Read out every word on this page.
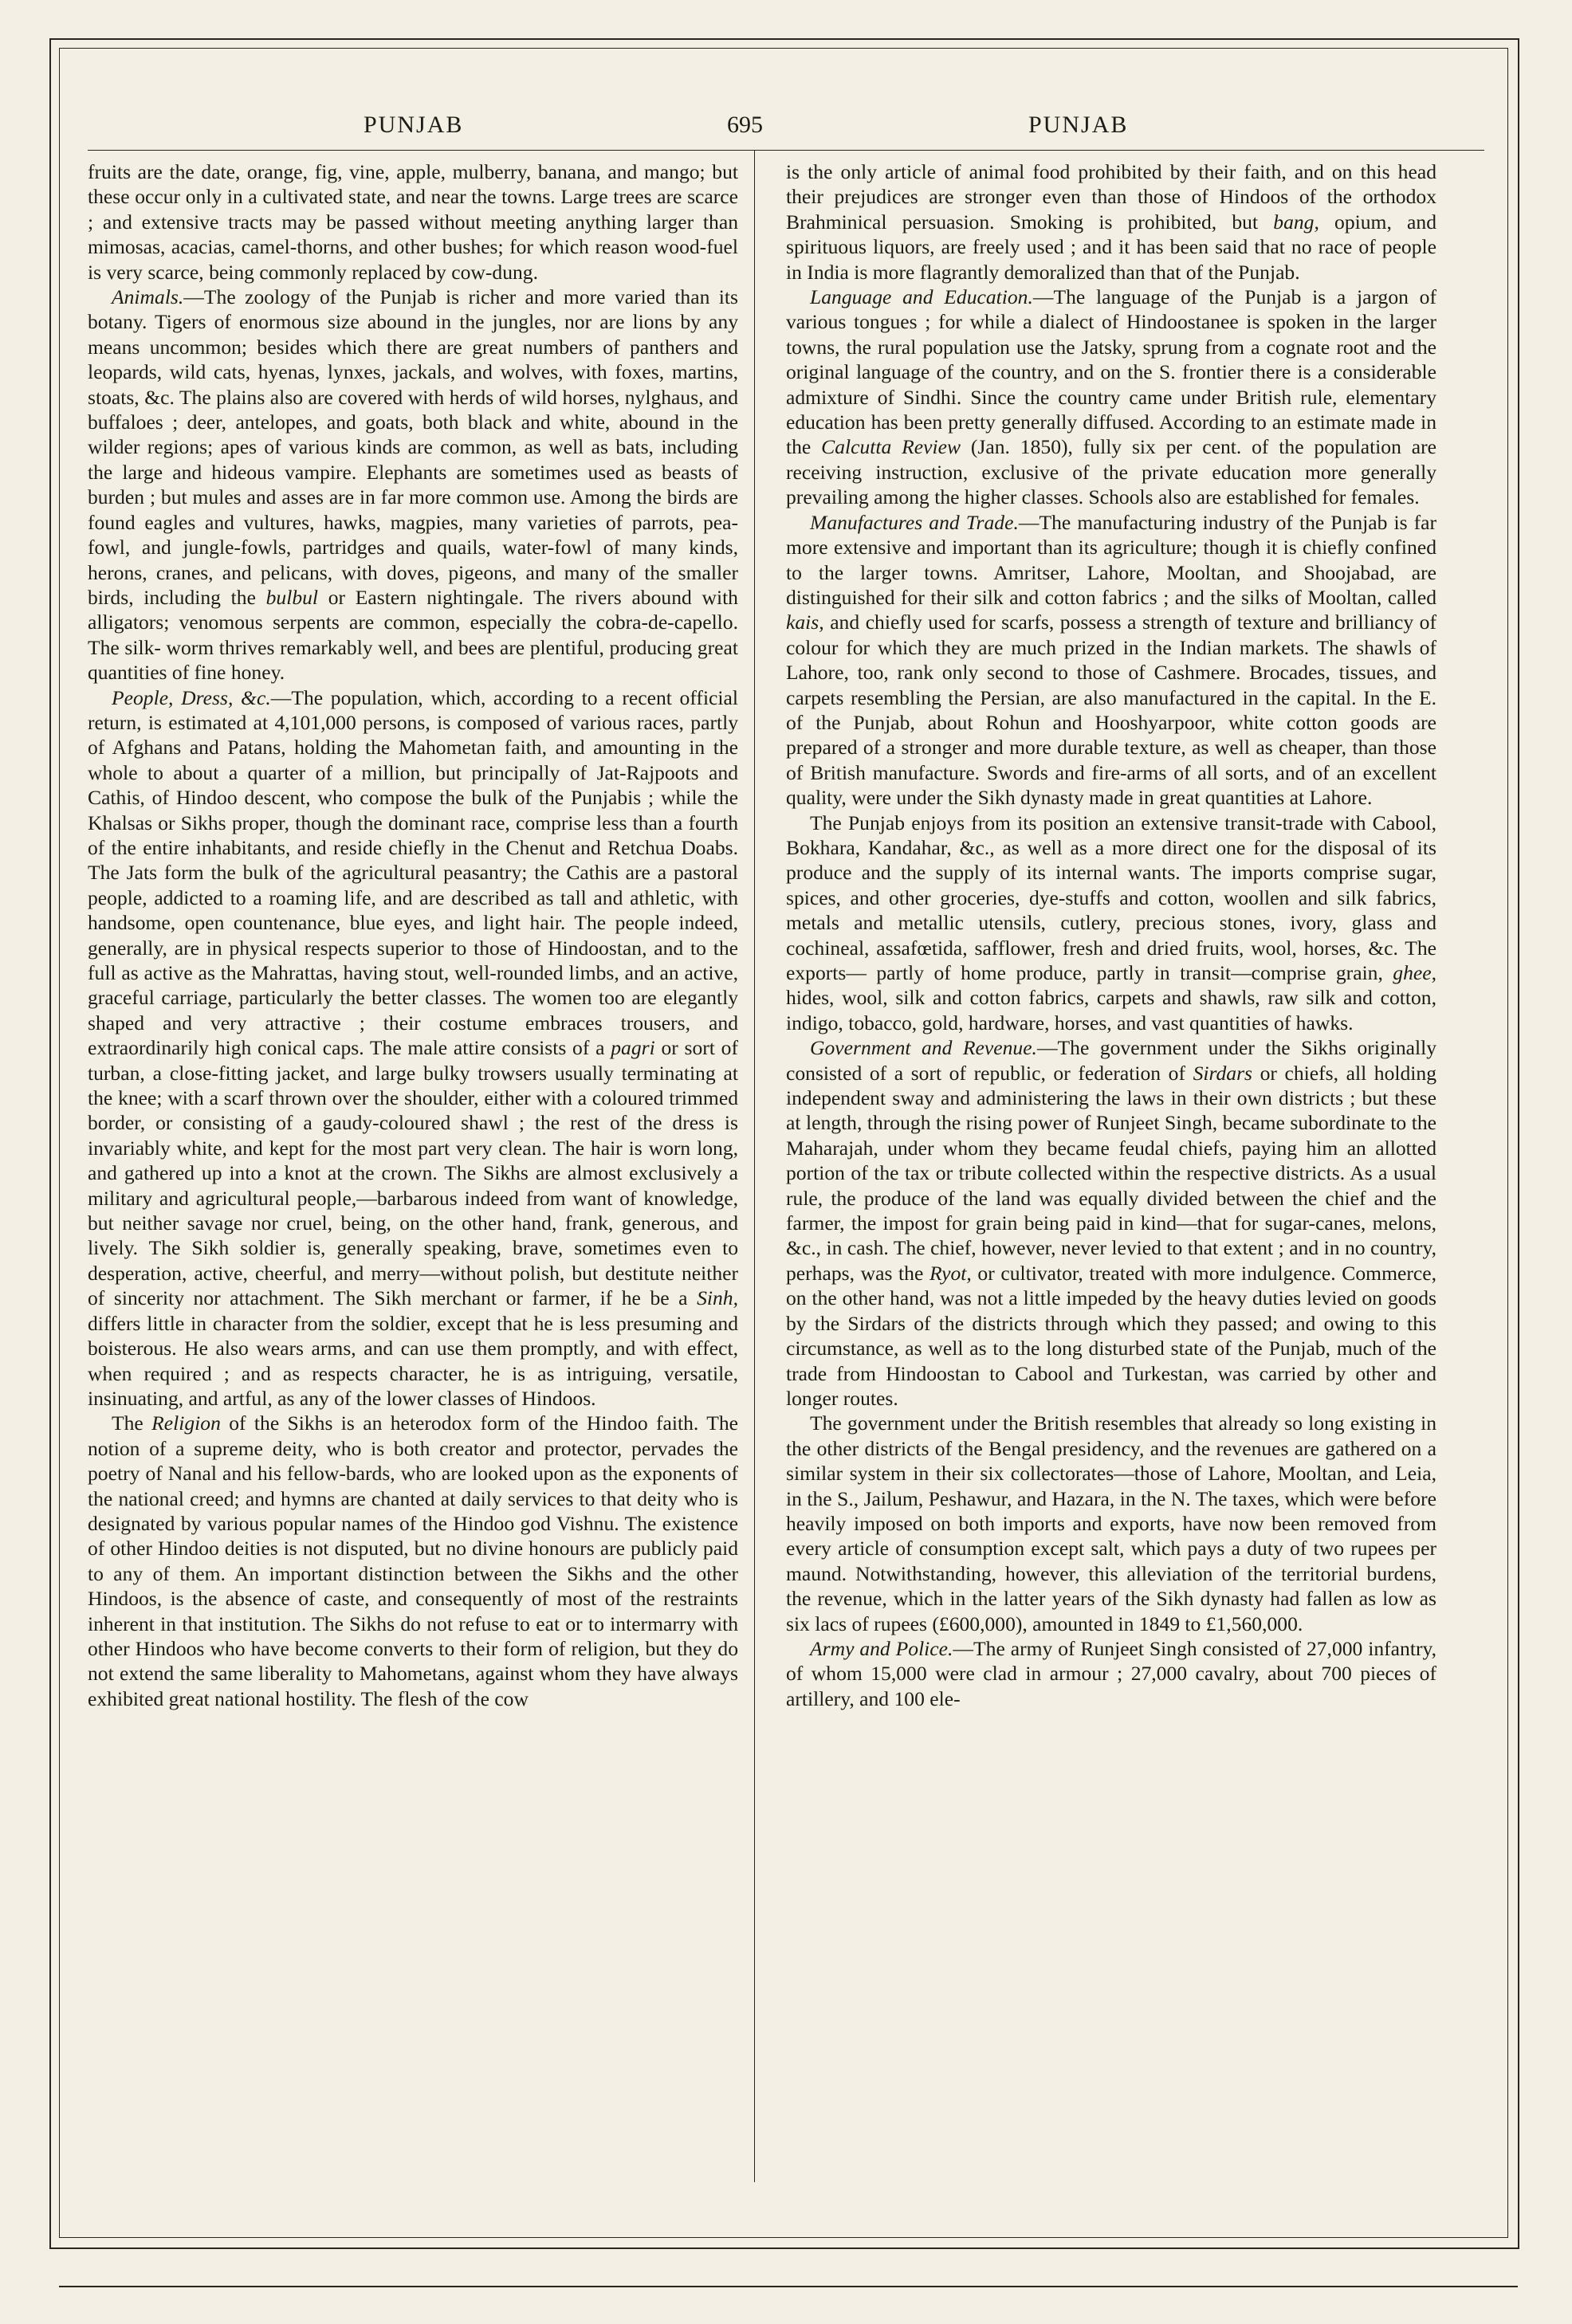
PUNJAB	695	PUNJAB

fruits are the date, orange, fig, vine, apple, mulberry, banana, and mango; but these occur only in a cultivated state, and near the towns. Large trees are scarce ; and extensive tracts may be passed without meeting anything larger than mimosas, acacias, camel-thorns, and other bushes; for which reason wood-fuel is very scarce, being commonly replaced by cow-dung.

Animals.—The zoology of the Punjab is richer and more varied than its botany. Tigers of enormous size abound in the jungles, nor are lions by any means uncommon; besides which there are great numbers of panthers and leopards, wild cats, hyenas, lynxes, jackals, and wolves, with foxes, martins, stoats, &c. The plains also are covered with herds of wild horses, nylghaus, and buffaloes ; deer, antelopes, and goats, both black and white, abound in the wilder regions; apes of various kinds are common, as well as bats, including the large and hideous vampire. Elephants are sometimes used as beasts of burden ; but mules and asses are in far more common use. Among the birds are found eagles and vultures, hawks, magpies, many varieties of parrots, pea-fowl, and jungle-fowls, partridges and quails, water-fowl of many kinds, herons, cranes, and pelicans, with doves, pigeons, and many of the smaller birds, including the bulbul or Eastern nightingale. The rivers abound with alligators; venomous serpents are common, especially the cobra-de-capello. The silk- worm thrives remarkably well, and bees are plentiful, producing great quantities of fine honey.

People, Dress, &c.—The population, which, according to a recent official return, is estimated at 4,101,000 persons, is composed of various races, partly of Afghans and Patans, holding the Mahometan faith, and amounting in the whole to about a quarter of a million, but principally of Jat-Rajpoots and Cathis, of Hindoo descent, who compose the bulk of the Punjabis ; while the Khalsas or Sikhs proper, though the dominant race, comprise less than a fourth of the entire inhabitants, and reside chiefly in the Chenut and Retchua Doabs. The Jats form the bulk of the agricultural peasantry; the Cathis are a pastoral people, addicted to a roaming life, and are described as tall and athletic, with handsome, open countenance, blue eyes, and light hair. The people indeed, generally, are in physical respects superior to those of Hindoostan, and to the full as active as the Mahrattas, having stout, well-rounded limbs, and an active, graceful carriage, particularly the better classes. The women too are elegantly shaped and very attractive ; their costume embraces trousers, and extraordinarily high conical caps. The male attire consists of a pagri or sort of turban, a close-fitting jacket, and large bulky trowsers usually terminating at the knee; with a scarf thrown over the shoulder, either with a coloured trimmed border, or consisting of a gaudy-coloured shawl ; the rest of the dress is invariably white, and kept for the most part very clean. The hair is worn long, and gathered up into a knot at the crown. The Sikhs are almost exclusively a military and agricultural people,—barbarous indeed from want of knowledge, but neither savage nor cruel, being, on the other hand, frank, generous, and lively. The Sikh soldier is, generally speaking, brave, sometimes even to desperation, active, cheerful, and merry—without polish, but destitute neither of sincerity nor attachment. The Sikh merchant or farmer, if he be a Sinh, differs little in character from the soldier, except that he is less presuming and boisterous. He also wears arms, and can use them promptly, and with effect, when required ; and as respects character, he is as intriguing, versatile, insinuating, and artful, as any of the lower classes of Hindoos.

The Religion of the Sikhs is an heterodox form of the Hindoo faith. The notion of a supreme deity, who is both creator and protector, pervades the poetry of Nanal and his fellow-bards, who are looked upon as the exponents of the national creed; and hymns are chanted at daily services to that deity who is designated by various popular names of the Hindoo god Vishnu. The existence of other Hindoo deities is not disputed, but no divine honours are publicly paid to any of them. An important distinction between the Sikhs and the other Hindoos, is the absence of caste, and consequently of most of the restraints inherent in that institution. The Sikhs do not refuse to eat or to intermarry with other Hindoos who have become converts to their form of religion, but they do not extend the same liberality to Mahometans, against whom they have always exhibited great national hostility. The flesh of the cow

is the only article of animal food prohibited by their faith, and on this head their prejudices are stronger even than those of Hindoos of the orthodox Brahminical persuasion. Smoking is prohibited, but bang, opium, and spirituous liquors, are freely used ; and it has been said that no race of people in India is more flagrantly demoralized than that of the Punjab.

Language and Education.—The language of the Punjab is a jargon of various tongues ; for while a dialect of Hindoostanee is spoken in the larger towns, the rural population use the Jatsky, sprung from a cognate root and the original language of the country, and on the S. frontier there is a considerable admixture of Sindhi. Since the country came under British rule, elementary education has been pretty generally diffused. According to an estimate made in the Calcutta Review (Jan. 1850), fully six per cent. of the population are receiving instruction, exclusive of the private education more generally prevailing among the higher classes. Schools also are established for females.

Manufactures and Trade.—The manufacturing industry of the Punjab is far more extensive and important than its agriculture; though it is chiefly confined to the larger towns. Amritser, Lahore, Mooltan, and Shoojabad, are distinguished for their silk and cotton fabrics ; and the silks of Mooltan, called kais, and chiefly used for scarfs, possess a strength of texture and brilliancy of colour for which they are much prized in the Indian markets. The shawls of Lahore, too, rank only second to those of Cashmere. Brocades, tissues, and carpets resembling the Persian, are also manufactured in the capital. In the E. of the Punjab, about Rohun and Hooshyarpoor, white cotton goods are prepared of a stronger and more durable texture, as well as cheaper, than those of British manufacture. Swords and fire-arms of all sorts, and of an excellent quality, were under the Sikh dynasty made in great quantities at Lahore.

The Punjab enjoys from its position an extensive transit-trade with Cabool, Bokhara, Kandahar, &c., as well as a more direct one for the disposal of its produce and the supply of its internal wants. The imports comprise sugar, spices, and other groceries, dye-stuffs and cotton, woollen and silk fabrics, metals and metallic utensils, cutlery, precious stones, ivory, glass and cochineal, assafœtida, safflower, fresh and dried fruits, wool, horses, &c. The exports— partly of home produce, partly in transit—comprise grain, ghee, hides, wool, silk and cotton fabrics, carpets and shawls, raw silk and cotton, indigo, tobacco, gold, hardware, horses, and vast quantities of hawks.

Government and Revenue.—The government under the Sikhs originally consisted of a sort of republic, or federation of Sirdars or chiefs, all holding independent sway and administering the laws in their own districts ; but these at length, through the rising power of Runjeet Singh, became subordinate to the Maharajah, under whom they became feudal chiefs, paying him an allotted portion of the tax or tribute collected within the respective districts. As a usual rule, the produce of the land was equally divided between the chief and the farmer, the impost for grain being paid in kind—that for sugar-canes, melons, &c., in cash. The chief, however, never levied to that extent ; and in no country, perhaps, was the Ryot, or cultivator, treated with more indulgence. Commerce, on the other hand, was not a little impeded by the heavy duties levied on goods by the Sirdars of the districts through which they passed; and owing to this circumstance, as well as to the long disturbed state of the Punjab, much of the trade from Hindoostan to Cabool and Turkestan, was carried by other and longer routes.

The government under the British resembles that already so long existing in the other districts of the Bengal presidency, and the revenues are gathered on a similar system in their six collectorates—those of Lahore, Mooltan, and Leia, in the S., Jailum, Peshawur, and Hazara, in the N. The taxes, which were before heavily imposed on both imports and exports, have now been removed from every article of consumption except salt, which pays a duty of two rupees per maund. Notwithstanding, however, this alleviation of the territorial burdens, the revenue, which in the latter years of the Sikh dynasty had fallen as low as six lacs of rupees (£600,000), amounted in 1849 to £1,560,000.

Army and Police.—The army of Runjeet Singh consisted of 27,000 infantry, of whom 15,000 were clad in armour ; 27,000 cavalry, about 700 pieces of artillery, and 100 ele-
